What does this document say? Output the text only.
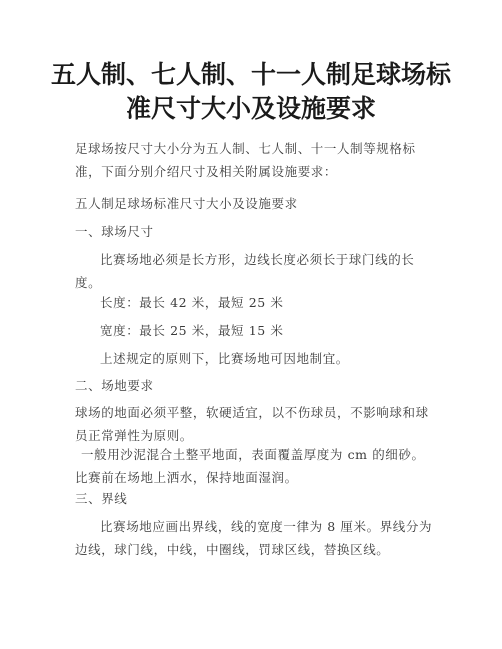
五人制、七人制、十一人制足球场标准尺寸大小及设施要求

足球场按尺寸大小分为五人制、七人制、十一人制等规格标准，下面分别介绍尺寸及相关附属设施要求：

五人制足球场标准尺寸大小及设施要求

一、球场尺寸

比赛场地必须是长方形，边线长度必须长于球门线的长度。

长度：最长 42 米，最短 25 米

宽度：最长 25 米，最短 15 米

上述规定的原则下，比赛场地可因地制宜。

二、场地要求

球场的地面必须平整，软硬适宜，以不伤球员，不影响球和球员正常弹性为原则。

一般用沙泥混合土整平地面，表面覆盖厚度为 cm 的细砂。比赛前在场地上洒水，保持地面湿润。

三、界线

比赛场地应画出界线，线的宽度一律为 8 厘米。界线分为边线，球门线，中线，中圈线，罚球区线，替换区线。
